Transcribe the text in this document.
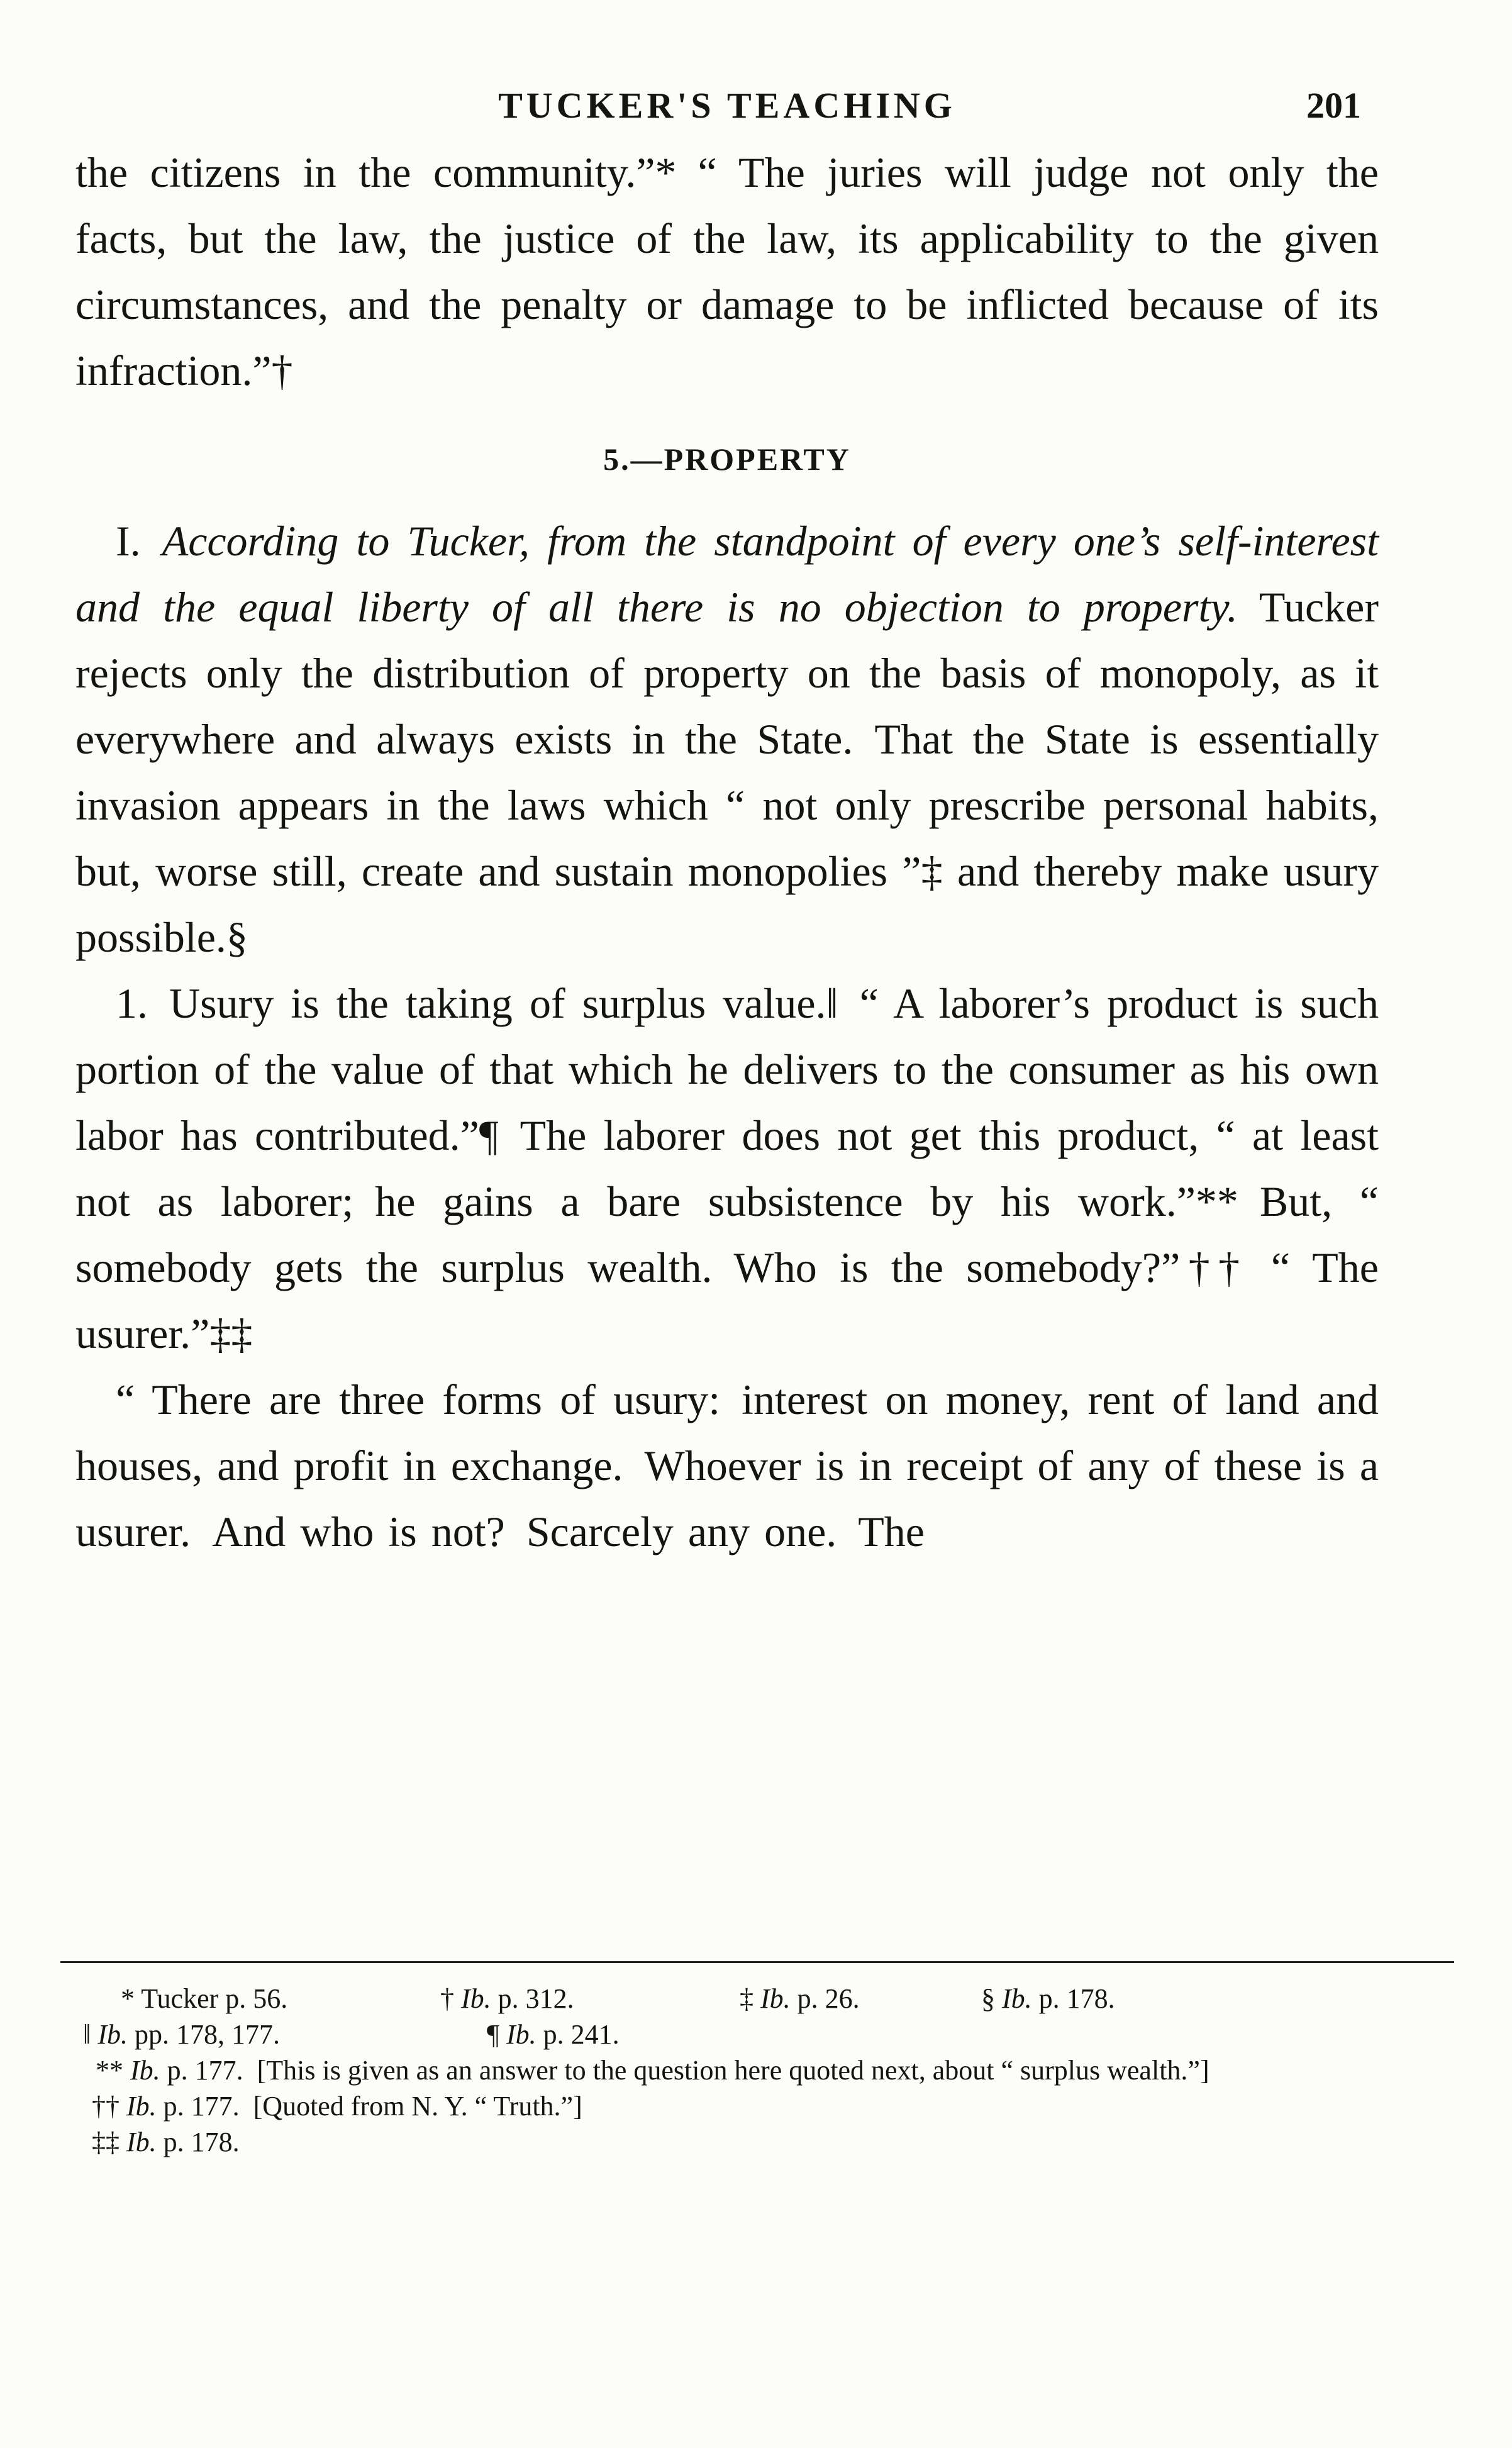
TUCKER'S TEACHING	201

the citizens in the community.”* “ The juries will judge not only the facts, but the law, the justice of the law, its applicability to the given circumstances, and the penalty or damage to be inflicted because of its infraction.”†

5.—PROPERTY

I. According to Tucker, from the standpoint of every one’s self-interest and the equal liberty of all there is no objection to property. Tucker rejects only the distribution of property on the basis of monopoly, as it everywhere and always exists in the State. That the State is essentially invasion appears in the laws which “ not only prescribe personal habits, but, worse still, create and sustain monopolies ”‡ and thereby make usury possible.§

1. Usury is the taking of surplus value.‖ “ A laborer’s product is such portion of the value of that which he delivers to the consumer as his own labor has contributed.”¶ The laborer does not get this product, “ at least not as laborer; he gains a bare subsistence by his work.”** But, “ somebody gets the surplus wealth. Who is the somebody?”†† “ The usurer.”‡‡

“ There are three forms of usury: interest on money, rent of land and houses, and profit in exchange. Whoever is in receipt of any of these is a usurer. And who is not? Scarcely any one. The

* Tucker p. 56.	† Ib. p. 312.	‡ Ib. p. 26.	§ Ib. p. 178.
‖ Ib. pp. 178, 177.	¶ Ib. p. 241.
** Ib. p. 177. [This is given as an answer to the question here quoted next, about “ surplus wealth.”]
†† Ib. p. 177. [Quoted from N. Y. “ Truth.”]
‡‡ Ib. p. 178.
